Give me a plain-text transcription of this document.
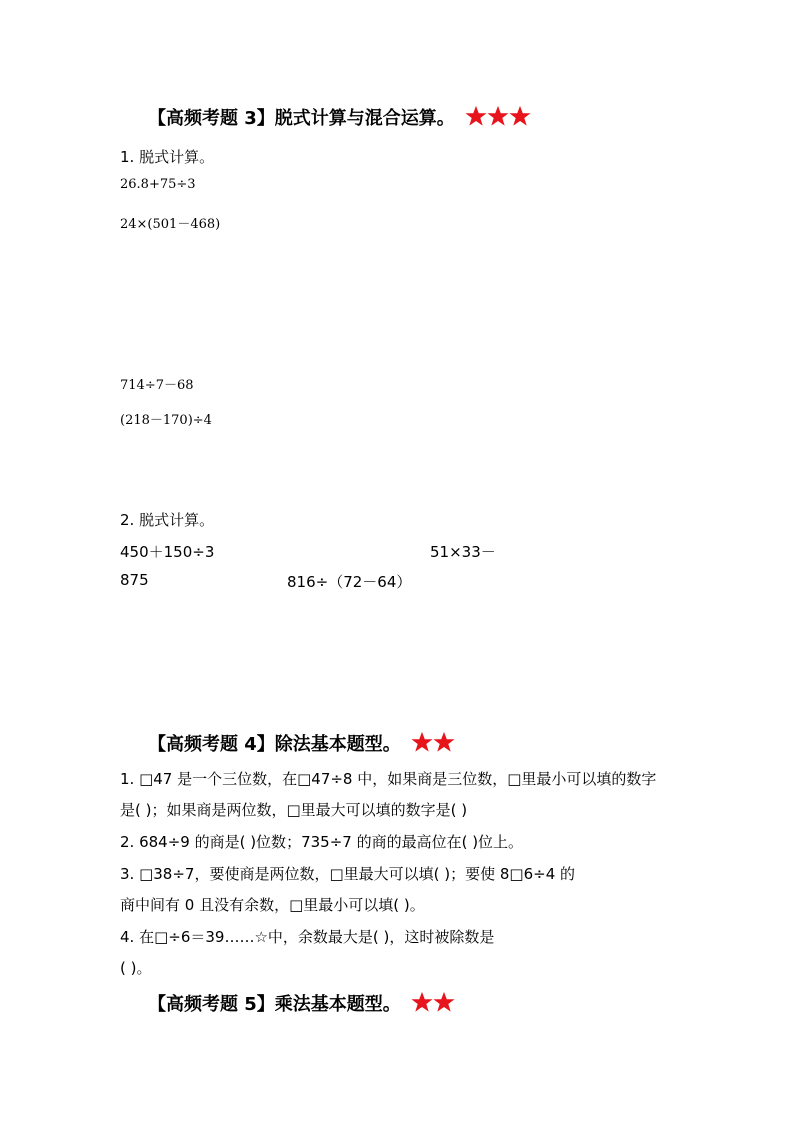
【高频考题 3】脱式计算与混合运算。
1. 脱式计算。
26.8+75÷3
24×(501－468)
714÷7－68
(218－170)÷4
2. 脱式计算。
450＋150÷3	51×33－
875	816÷（72－64）
【高频考题 4】除法基本题型。
1. □47 是一个三位数，在□47÷8 中，如果商是三位数，□里最小可以填的数字
是( )；如果商是两位数，□里最大可以填的数字是( )
2. 684÷9 的商是( )位数；735÷7 的商的最高位在( )位上。
3. □38÷7，要使商是两位数，□里最大可以填( )；要使 8□6÷4 的
商中间有 0 且没有余数，□里最小可以填( )。
4. 在□÷6＝39……☆中，余数最大是( )，这时被除数是
( )。
【高频考题 5】乘法基本题型。
